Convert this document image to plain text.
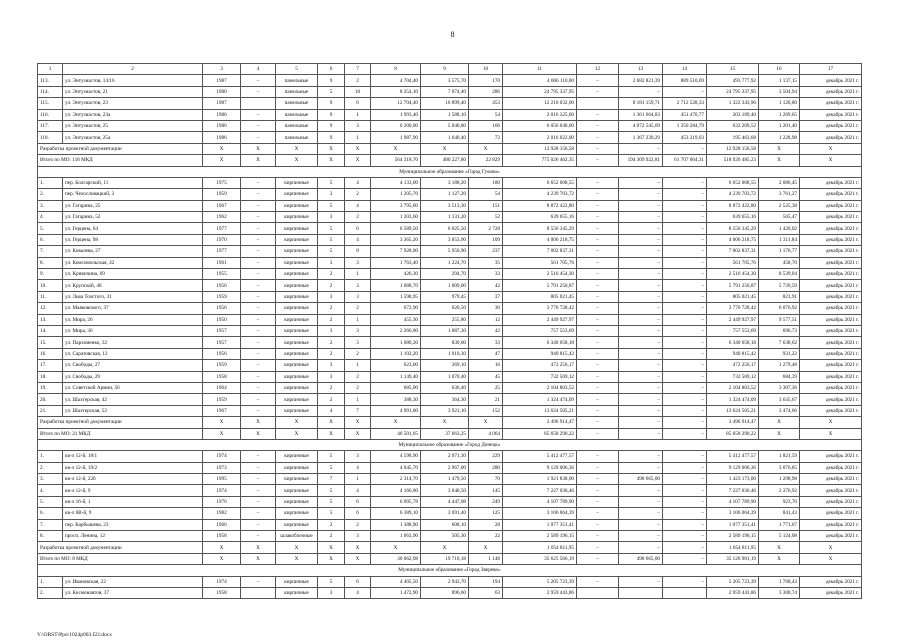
8
1	2	3	4	5	6	7	8	9	10	11	12	13	14	15	16	17
113.	ул. Энтузиастов, 14/16	1987	–	панельные	9	2	4 704,40	3 575,70	170	4 066 110,00	–	2 682 821,39	889 510,69	493 777,92	1 137,15	декабрь 2021 г.
114.	ул. Энтузиастов, 21	1980	–	панельные	5	10	8 354,10	7 074,40	286	24 795 337,95	–	–	–	24 795 337,95	3 504,94	декабрь 2021 г.
115.	ул. Энтузиастов, 23	1987		панельные	9	6	12 704,40	10 899,40	453	12 216 032,00		8 181 159,71	2 712 528,33	1 322 343,96	1 120,80	декабрь 2021 г.
116.	ул. Энтузиастов, 23а	1986	–	панельные	9	1	1 993,40	1 588,10	54	2 016 325,00	–	1 361 664,83	451 470,77	203 189,40	1 269,65	декабрь 2021 г.
117.	ул. Энтузиастов, 25	1986	–	панельные	9	3	6 200,00	5 040,80	166	6 056 040,00	–	4 072 545,69	1 350 284,79	633 209,52	1 201,40	декабрь 2021 г.
118.	ул. Энтузиастов, 25а	1986	–	панельные	9	1	1 987,90	1 640,40	73	2 016 022,00	–	1 367 239,29	453 319,03	195 463,68	1 228,98	декабрь 2021 г.
Разработка проектной документации		X	X	X	X	X	X	X	X	12 928 156,58	–	–	–	12 928 156,58	X	X
Итого по МО: 118 МКД		X	X	X	X	X	564 318,70	480 227,80	22 829	775 026 462,35	–	194 309 922,81	61 707 064,31	518 920 485,23	X	X
Муниципальное образование «Город Гуково»																
1.	пер. Болгарский, 11	1975	–	кирпичные	5	4	4 133,00	3 188,20	180	6 652 008,55	–	–	–	6 652 008,55	2 086,45	декабрь 2021 г.
2.	пер. Чехословацкий, 3	1959	–	кирпичные	3	2	1 205,70	1 127,20	54	4 239 703,72	–	–	–	4 239 703,72	3 761,27	декабрь 2021 г.
3.	ул. Гагарина, 25	1967	–	кирпичные	5	4	3 795,60	3 513,30	151	8 872 422,80	–	–	–	8 872 422,80	2 525,38	декабрь 2021 г.
4.	ул. Гагарина, 52	1962	–	кирпичные	3	2	1 203,60	1 131,20	52	639 655,16	–	–	–	639 655,16	565,47	декабрь 2021 г.
5.	ул. Герцена, 64	1977	–	кирпичные	5	6	6 589,50	6 025,50	2 728	8 556 345,29	–	–	–	8 556 345,29	1 420,02	декабрь 2021 г.
6.	ул. Герцена, 98	1970	–	кирпичные	5	4	3 365,20	3 053,90	109	4 006 218,75	–	–	–	4 006 218,75	1 311,84	декабрь 2021 г.
7.	ул. Ковалева, 27	1977	–	кирпичные	5	8	7 928,00	5 950,90	237	7 002 837,31	–	–	–	7 002 837,31	1 176,77	декабрь 2021 г.
8.	ул. Комсомольская, 42	1961	–	кирпичные	3	3	1 763,40	1 224,70	35	561 705,76	–	–	–	561 705,76	458,70	декабрь 2021 г.
9.	ул. Кривичина, 69	1955	–	кирпичные	2	1	426,30	294,70	33	2 516 454,30	–	–	–	2 516 454,30	8 539,04	декабрь 2021 г.
10.	ул. Крупской, 48	1956	–	кирпичные	2	3	1 088,70	1 009,00	42	5 791 250,87	–	–	–	5 791 250,87	5 739,59	декабрь 2021 г.
11.	ул. Льва Толстого, 31	1959	–	кирпичные	3	3	1 598,95	979,45	37	805 021,45	–	–	–	805 021,45	821,91	декабрь 2021 г.
12.	ул. Маяковского, 37	1956	–	кирпичные	2	2	672,90	620,50	30	3 770 728,42	–	–	–	3 770 728,42	6 076,92	декабрь 2021 г.
13.	ул. Мира, 26	1950	–	кирпичные	2	1	455,30	255,80	12	2 449 927,97	–	–	–	2 449 927,97	9 577,51	декабрь 2021 г.
14.	ул. Мира, 36	1957	–	кирпичные	3	3	2 266,00	1 087,30	42	757 553,69	–	–	–	757 553,69	696,73	декабрь 2021 г.
15.	ул. Пархоменко, 32	1957	–	кирпичные	2	3	1 080,20	830,00	33	6 340 058,18	–	–	–	6 340 058,18	7 638,62	декабрь 2021 г.
16.	ул. Саратовская, 12	1956	–	кирпичные	2	2	1 102,20	1 010,30	47	940 815,42	–	–	–	940 815,42	931,22	декабрь 2021 г.
17.	ул. Свободы, 27	1959	–	кирпичные	3	1	623,00	369,10	16	472 256,17	–	–	–	472 256,17	1 279,48	декабрь 2021 г.
18.	ул. Свободы, 29	1958	–	кирпичные	3	2	1 149,40	1 070,40	45	732 569,12	–	–	–	732 569,12	684,39	декабрь 2021 г.
19.	ул. Советской Армии, 56	1964	–	кирпичные	2	2	685,00	636,40	25	2 104 803,52	–	–	–	2 104 803,52	3 307,36	декабрь 2021 г.
20.	ул. Шахтерская, 42	1959	–	кирпичные	2	1	388,30	364,30	21	1 324 474,09	–	–	–	1 324 474,09	3 635,67	декабрь 2021 г.
21.	ул. Шахтерская, 52	1967	–	кирпичные	4	7	4 991,00	3 921,10	152	13 624 505,21	–	–	–	13 624 505,21	3 474,66	декабрь 2021 г.
Разработка проектной документации		X	X	X	X	X	X	X	X	3 496 914,47	–	–	–	3 496 914,47	X	X
Итого по МО: 21 МКД		X	X	X	X	X	46 501,65	37 663,25	4 064	85 658 290,22	–	–	–	85 658 290,22	X	X
Муниципальное образование «Город Донецк»																
1.	кв-л 12-й, 18/1	1974	–	кирпичные	5	3	4 598,90	2 971,30	229	5 412 477,57	–	–	–	5 412 477,57	1 821,59	декабрь 2021 г.
2.	кв-л 12-й, 19/2	1973	–	кирпичные	5	4	4 045,70	2 967,00	280	9 129 006,36	–	–	–	9 129 006,36	3 076,85	декабрь 2021 г.
3.	кв-л 12-й, 22б	1995	–	кирпичные	7	1	2 314,70	1 479,50	70	1 921 838,00	–	498 665,00	–	1 423 173,00	1 298,98	декабрь 2021 г.
4.	кв-л 12-й, 9	1974	–	кирпичные	5	4	4 166,00	3 040,50	145	7 227 036,46	–	–	–	7 227 036,46	2 376,92	декабрь 2021 г.
5.	кв-л 16-й, 1	1976	–	кирпичные	5	6	6 095,78	4 447,08	249	4 107 789,90	–	–	–	4 107 789,90	923,70	декабрь 2021 г.
6.	кв-л 6В-й, 9	1982	–	кирпичные	5	6	6 389,10	3 691,40	125	3 106 064,39	–	–	–	3 106 064,39	841,43	декабрь 2021 г.
7.	пер. Карбышева, 23	1966	–	кирпичные	2	2	1 388,90	608,10	28	1 077 351,41	–	–	–	1 077 351,41	1 771,67	декабрь 2021 г.
8.	просп. Ленина, 12	1958	–	шлакоблочные	2	3	1 063,90	505,30	22	2 589 196,15	–	–	–	2 589 196,15	5 124,08	декабрь 2021 г.
Разработка проектной документации		X	X	X	X	X	X	X	X	1 054 811,95	–	–	–	1 054 811,95	X	X
Итого по МО: 8 МКД		X	X	X	X	X	30 062,98	19 710,18	1 148	35 625 566,19	–	498 665,00	–	35 126 901,19	X	X
Муниципальное образование «Город Зверево»																
1.	ул. Ивановская, 22	1974	–	кирпичные	5	6	4 405,50	2 943,70	194	5 205 723,39	–	–	–	5 205 723,39	1 768,43	декабрь 2021 г.
2.	ул. Космонавтов, 37	1958		кирпичные	3	4	1 472,90	896,60	63	2 959 443,86				2 959 443,86	3 300,74	декабрь 2021 г.
Y:\ORST\Ppo\1024p003.f22.docx
